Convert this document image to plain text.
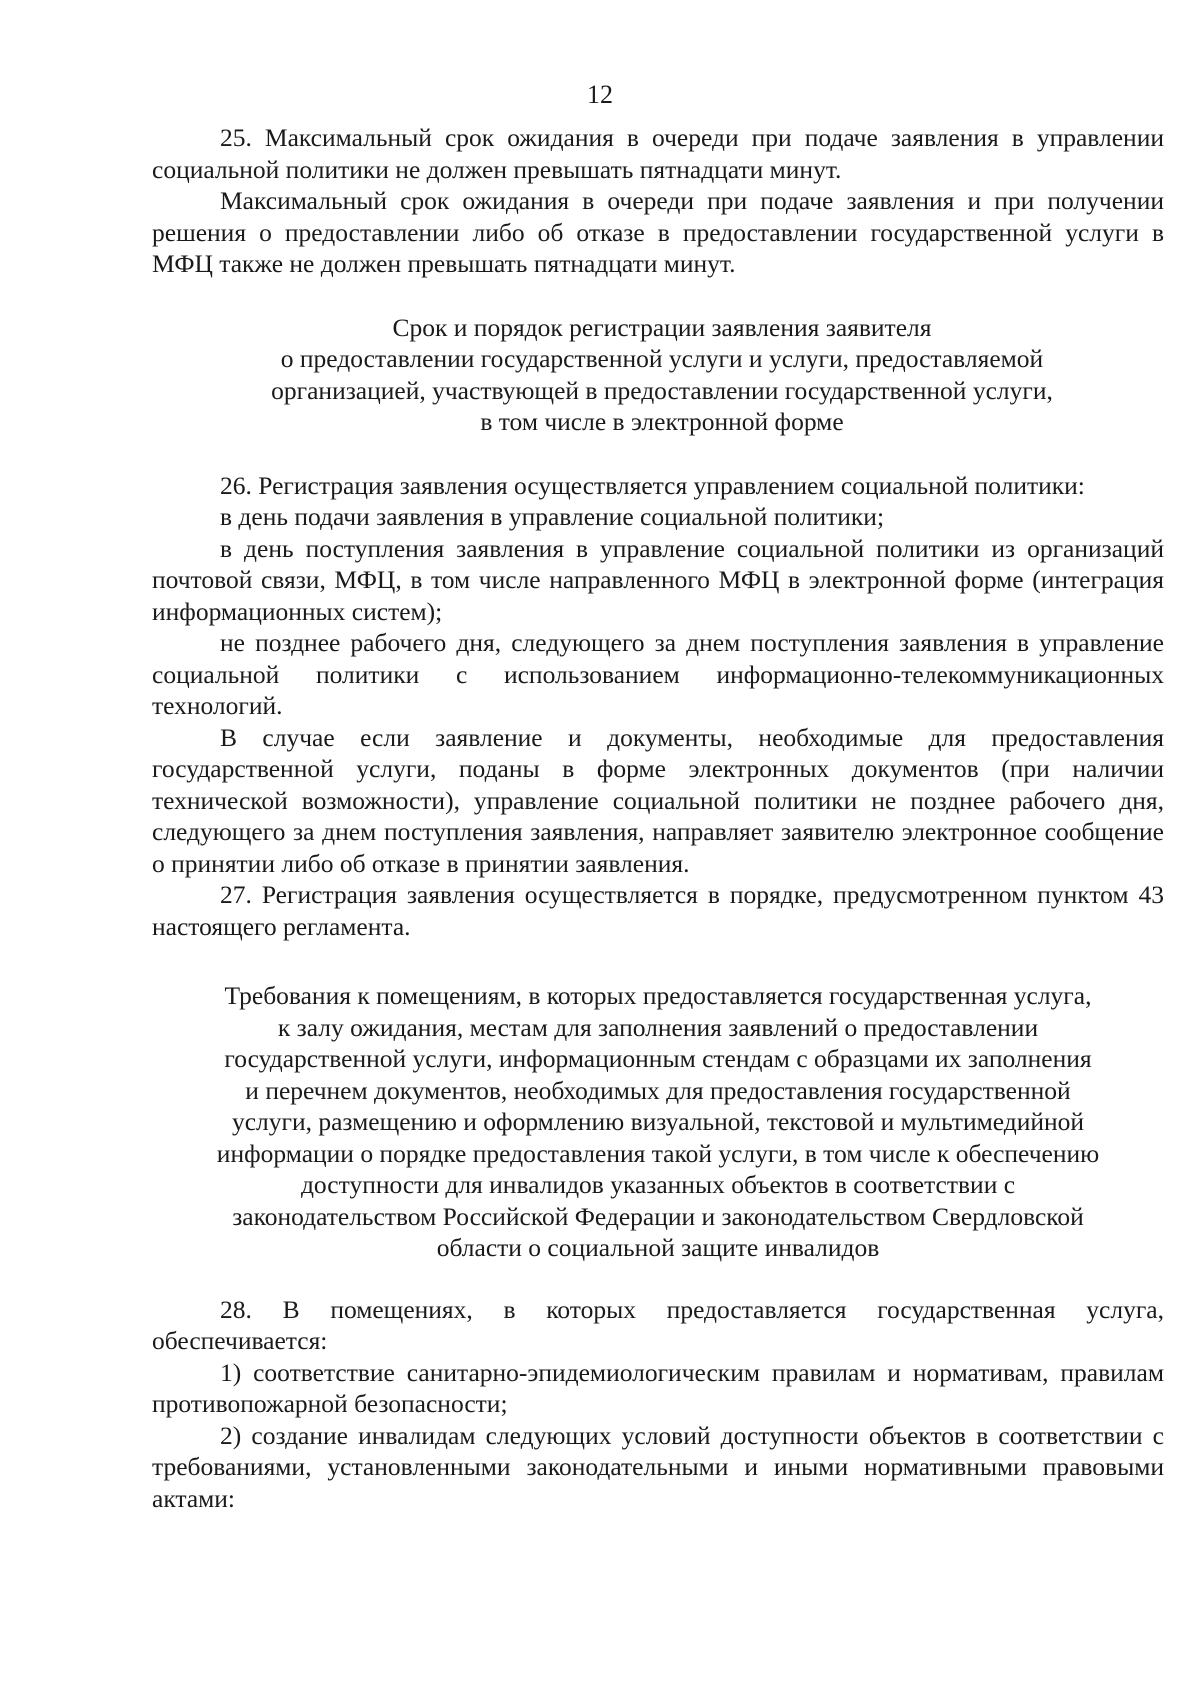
12

25. Максимальный срок ожидания в очереди при подаче заявления в управлении социальной политики не должен превышать пятнадцати минут.

Максимальный срок ожидания в очереди при подаче заявления и при получении решения о предоставлении либо об отказе в предоставлении государственной услуги в МФЦ также не должен превышать пятнадцати минут.

Срок и порядок регистрации заявления заявителя
о предоставлении государственной услуги и услуги, предоставляемой
организацией, участвующей в предоставлении государственной услуги,
в том числе в электронной форме

26. Регистрация заявления осуществляется управлением социальной политики:

в день подачи заявления в управление социальной политики;

в день поступления заявления в управление социальной политики из организаций почтовой связи, МФЦ, в том числе направленного МФЦ в электронной форме (интеграция информационных систем);

не позднее рабочего дня, следующего за днем поступления заявления в управление социальной политики с использованием информационно-телекоммуникационных технологий.

В случае если заявление и документы, необходимые для предоставления государственной услуги, поданы в форме электронных документов (при наличии технической возможности), управление социальной политики не позднее рабочего дня, следующего за днем поступления заявления, направляет заявителю электронное сообщение о принятии либо об отказе в принятии заявления.

27. Регистрация заявления осуществляется в порядке, предусмотренном пунктом 43 настоящего регламента.

Требования к помещениям, в которых предоставляется государственная услуга,
к залу ожидания, местам для заполнения заявлений о предоставлении
государственной услуги, информационным стендам с образцами их заполнения
и перечнем документов, необходимых для предоставления государственной
услуги, размещению и оформлению визуальной, текстовой и мультимедийной
информации о порядке предоставления такой услуги, в том числе к обеспечению
доступности для инвалидов указанных объектов в соответствии с
законодательством Российской Федерации и законодательством Свердловской
области о социальной защите инвалидов

28. В помещениях, в которых предоставляется государственная услуга, обеспечивается:

1) соответствие санитарно-эпидемиологическим правилам и нормативам, правилам противопожарной безопасности;

2) создание инвалидам следующих условий доступности объектов в соответствии с требованиями, установленными законодательными и иными нормативными правовыми актами:
